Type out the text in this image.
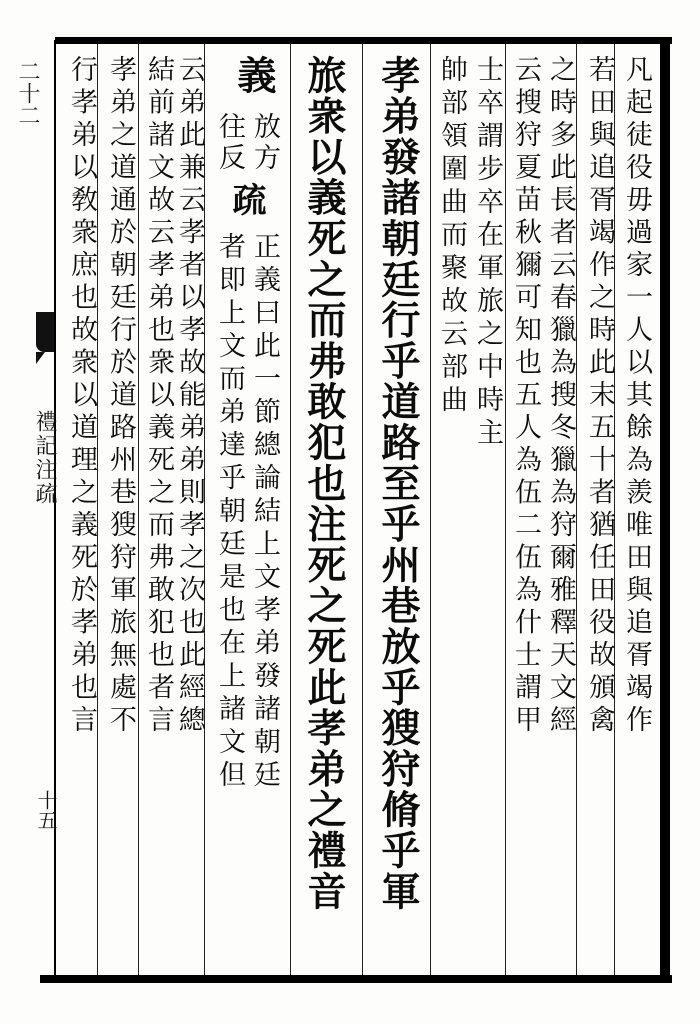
二十二
禮記注疏
十五
凡起徒役毋過家一人以其餘為羨唯田與追胥竭作
若田與追胥竭作之時此末五十者猶任田役故頒禽
之時多此長者云春獵為搜冬獵為狩爾雅釋天文經
云搜狩夏苗秋獮可知也五人為伍二伍為什士謂甲
士卒謂步卒在軍旅之中時主
帥部領圍曲而聚故云部曲
孝弟發諸朝廷行乎道路至乎州巷放乎獀狩脩乎軍
旅衆以義死之而弗敢犯也注死之死此孝弟之禮音
義
放方
往反
疏
正義曰此一節總論結上文孝弟發諸朝廷
者即上文而弟達乎朝廷是也在上諸文但
云弟此兼云孝者以孝故能弟弟則孝之次也此經總
結前諸文故云孝弟也衆以義死之而弗敢犯也者言
孝弟之道通於朝廷行於道路州巷獀狩軍旅無處不
行孝弟以敎衆庶也故衆以道理之義死於孝弟也言
